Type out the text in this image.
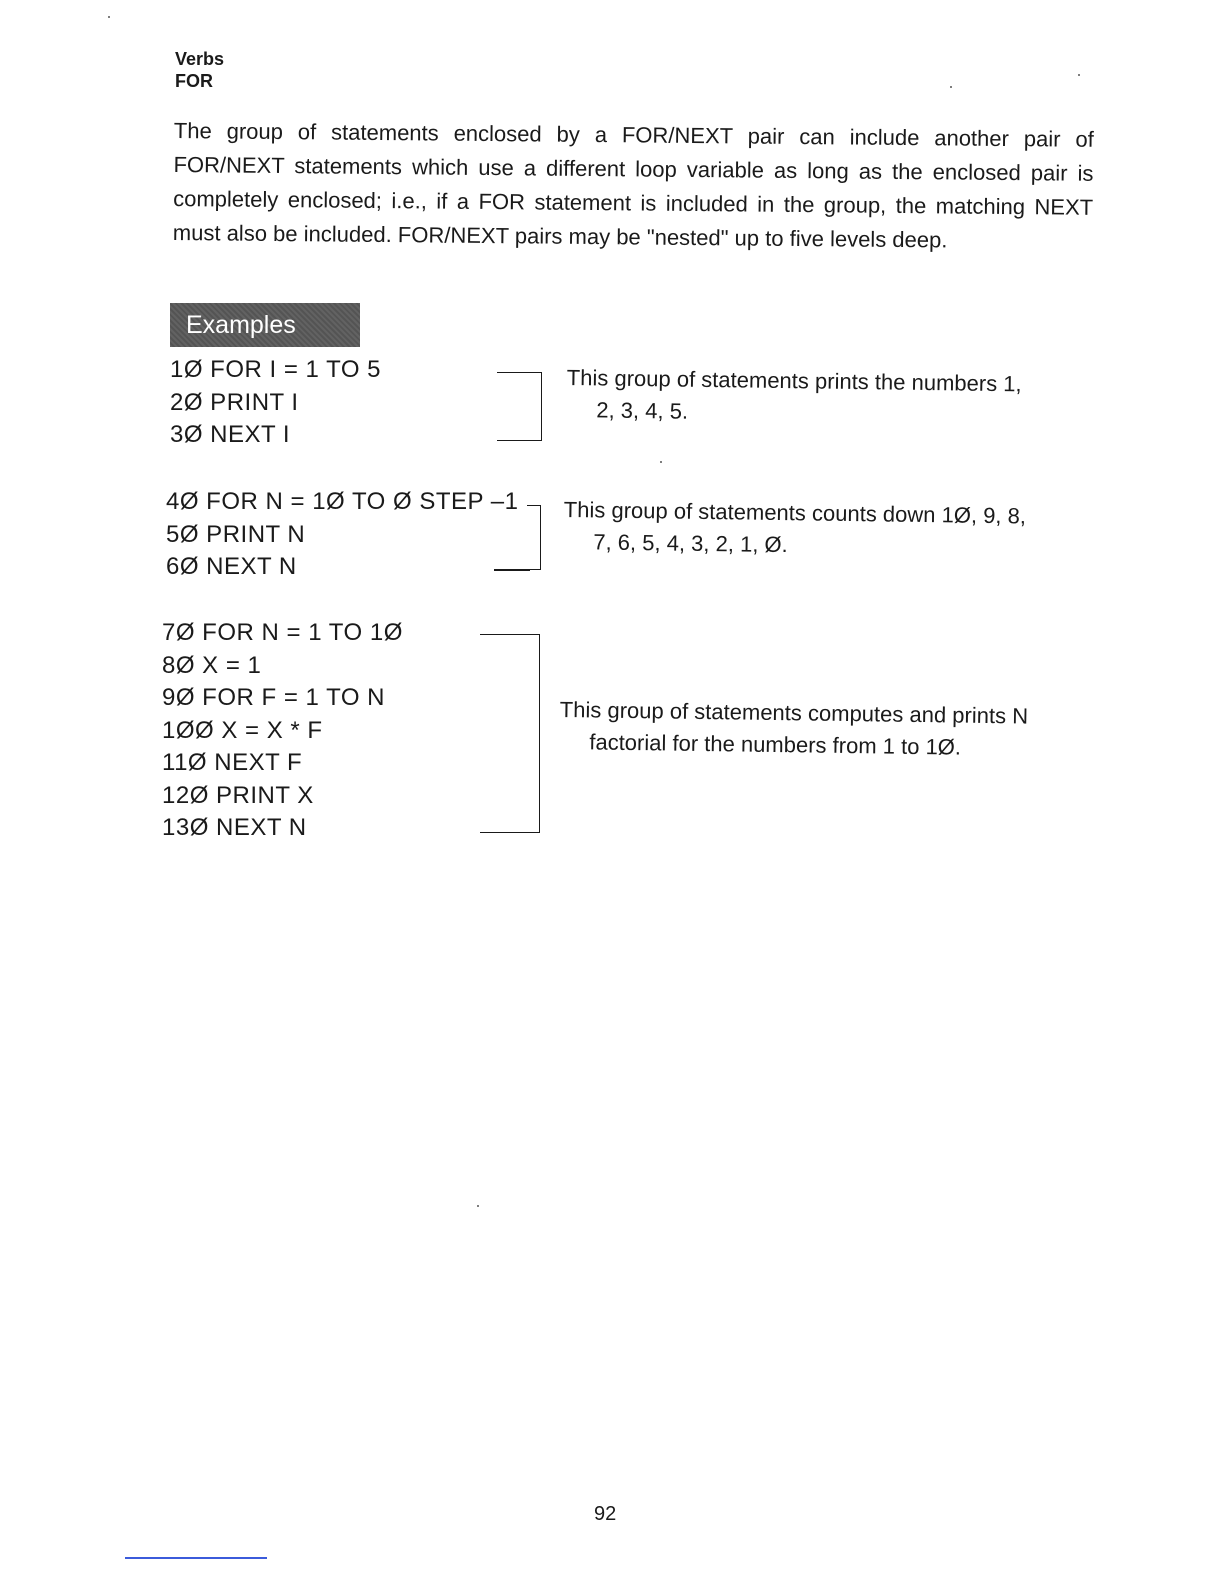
Verbs
FOR
The group of statements enclosed by a FOR/NEXT pair can include another pair of FOR/NEXT statements which use a different loop variable as long as the enclosed pair is completely enclosed; i.e., if a FOR statement is included in the group, the matching NEXT must also be included. FOR/NEXT pairs may be "nested" up to five levels deep.
Examples
1Ø FOR I = 1 TO 5
2Ø PRINT I
3Ø NEXT I
This group of statements prints the numbers 1,
2, 3, 4, 5.
4Ø FOR N = 1Ø TO Ø STEP –1
5Ø PRINT N
6Ø NEXT N
This group of statements counts down 1Ø, 9, 8,
7, 6, 5, 4, 3, 2, 1, Ø.
7Ø FOR N = 1 TO 1Ø
8Ø X = 1
9Ø FOR F = 1 TO N
1ØØ X = X * F
11Ø NEXT F
12Ø PRINT X
13Ø NEXT N
This group of statements computes and prints N
factorial for the numbers from 1 to 1Ø.
92
